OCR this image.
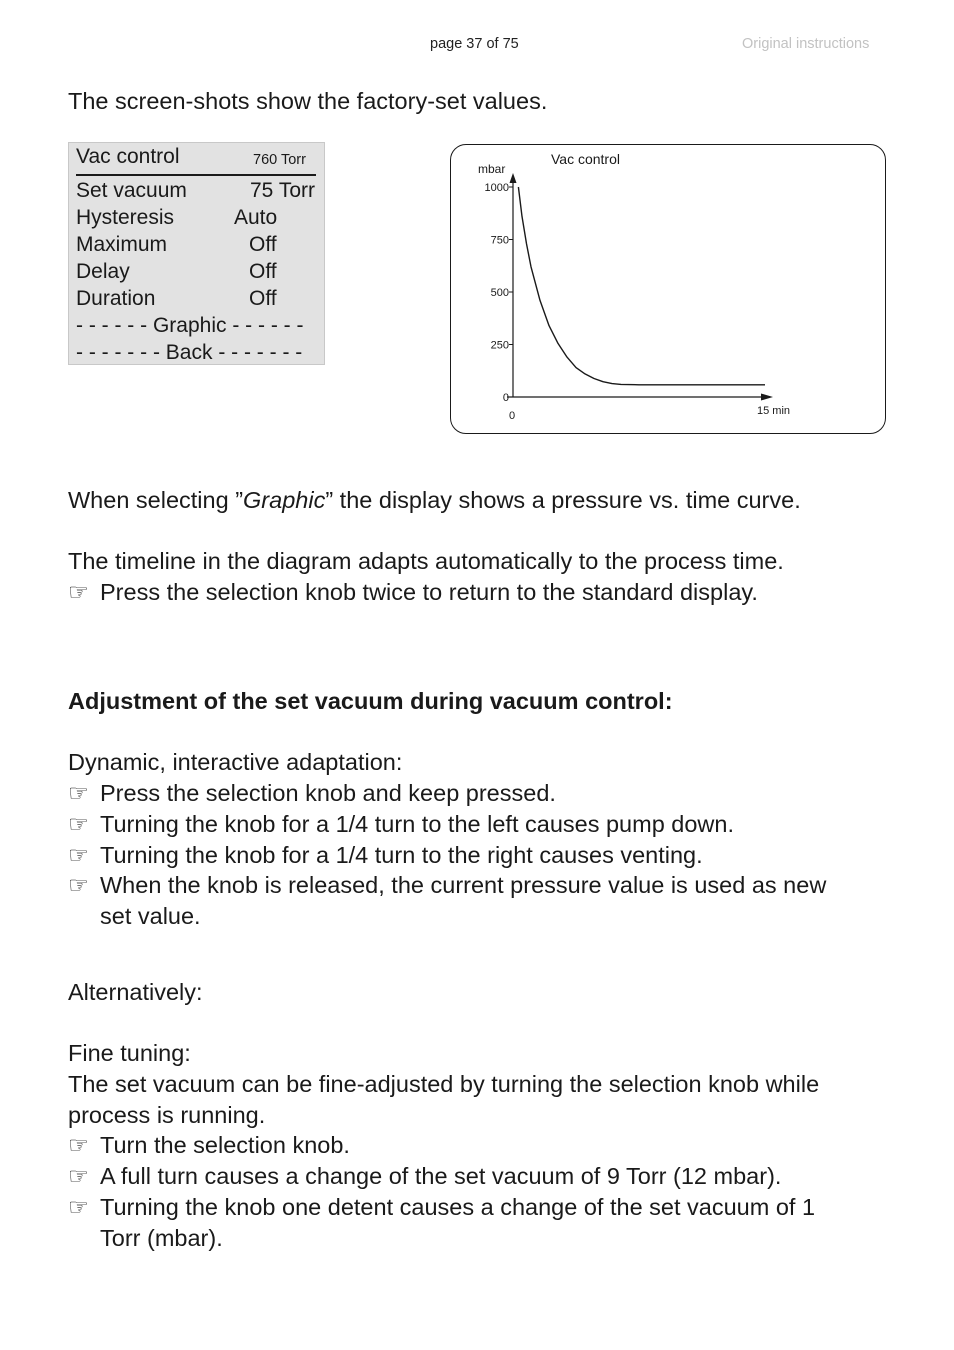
page 37 of 75	Original instructions
The screen-shots show the factory-set values.
Vac control	760 Torr
Set vacuum	75 Torr
Hysteresis	Auto
Maximum	Off
Delay	Off
Duration	Off
- - - - - - Graphic - - - - - -
- - - - - - - Back - - - - - - -
Vac control
mbar
1000
750
500
250
0
0	15 min
When selecting ”Graphic” the display shows a pressure vs. time curve.
The timeline in the diagram adapts automatically to the process time.
☞ Press the selection knob twice to return to the standard display.
Adjustment of the set vacuum during vacuum control:
Dynamic, interactive adaptation:
☞ Press the selection knob and keep pressed.
☞ Turning the knob for a 1/4 turn to the left causes pump down.
☞ Turning the knob for a 1/4 turn to the right causes venting.
☞ When the knob is released, the current pressure value is used as new
set value.
Alternatively:
Fine tuning:
The set vacuum can be fine-adjusted by turning the selection knob while
process is running.
☞ Turn the selection knob.
☞ A full turn causes a change of the set vacuum of 9 Torr (12 mbar).
☞ Turning the knob one detent causes a change of the set vacuum of 1
Torr (mbar).
